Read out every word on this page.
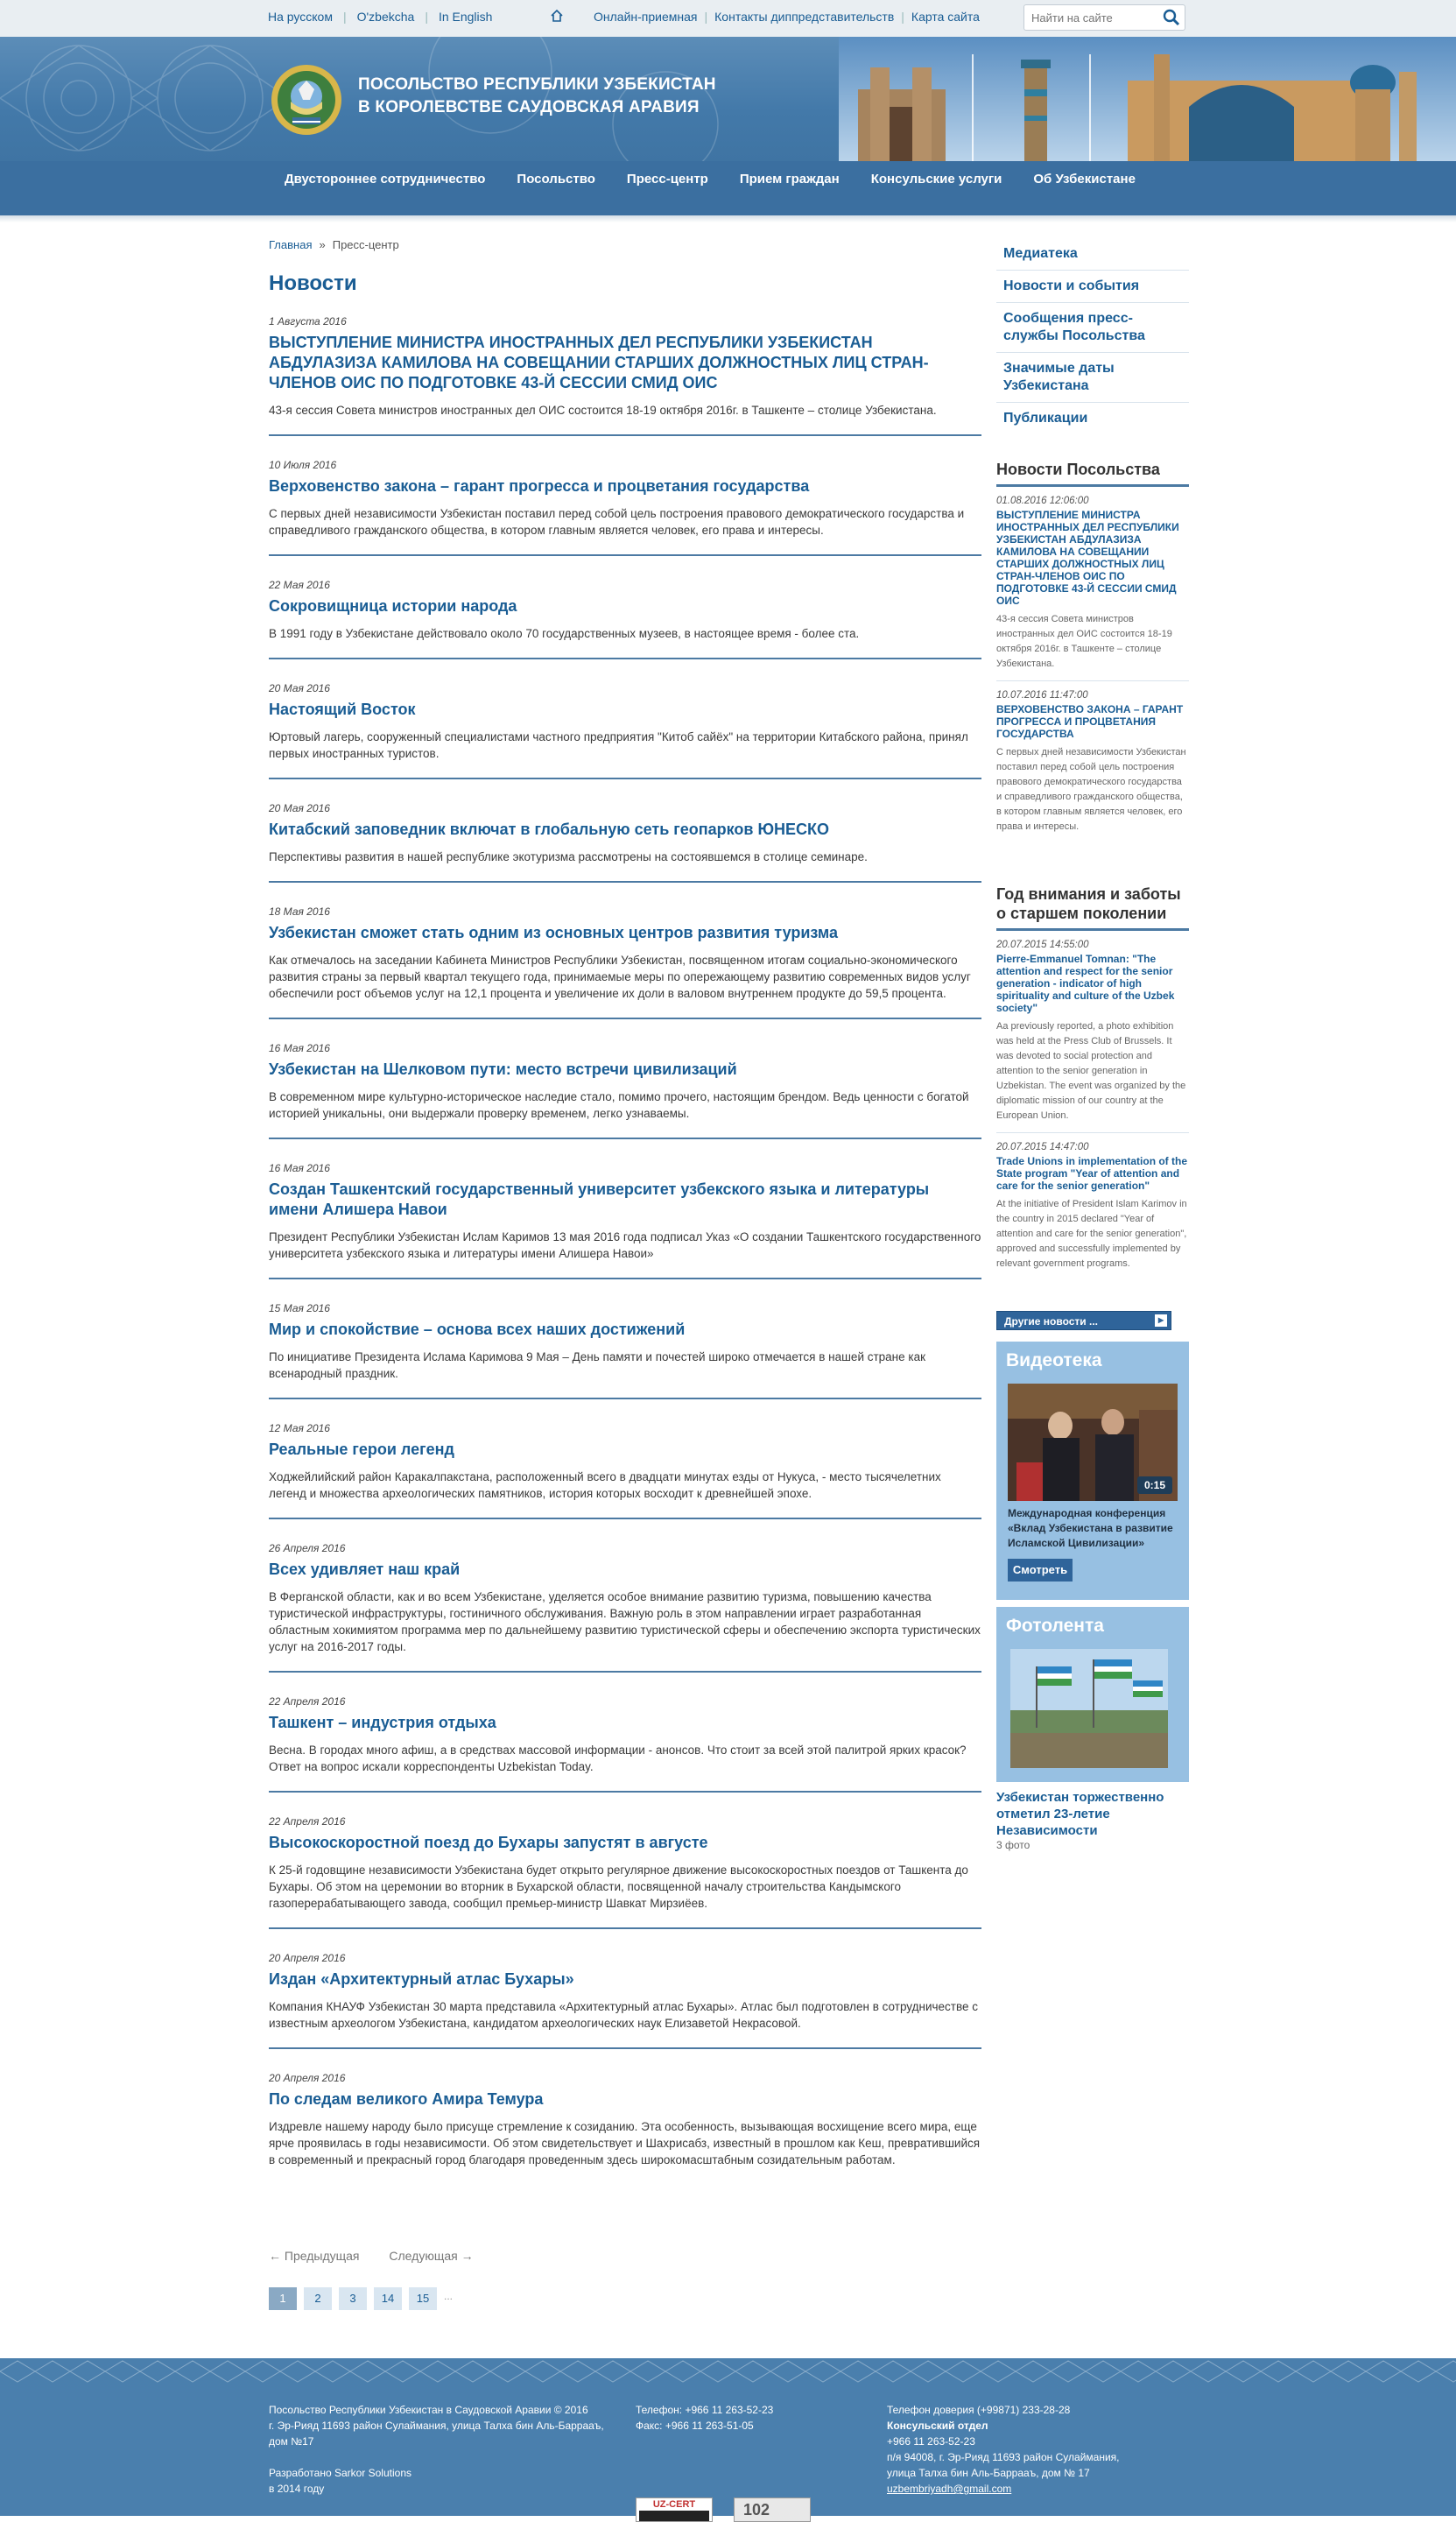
На русском | O'zbekcha | In English	Онлайн-приемная | Контакты диппредставительств | Карта сайта
Найти на сайте
ПОСОЛЬСТВО РЕСПУБЛИКИ УЗБЕКИСТАН
В КОРОЛЕВСТВЕ САУДОВСКАЯ АРАВИЯ
Двустороннее сотрудничество	Посольство	Пресс-центр	Прием граждан	Консульские услуги	Об Узбекистане
Главная » Пресс-центр
Новости
1 Августа 2016
ВЫСТУПЛЕНИЕ МИНИСТРА ИНОСТРАННЫХ ДЕЛ РЕСПУБЛИКИ УЗБЕКИСТАН АБДУЛАЗИЗА КАМИЛОВА НА СОВЕЩАНИИ СТАРШИХ ДОЛЖНОСТНЫХ ЛИЦ СТРАН-ЧЛЕНОВ ОИС ПО ПОДГОТОВКЕ 43-Й СЕССИИ СМИД ОИС
43-я сессия Совета министров иностранных дел ОИС состоится 18-19 октября 2016г. в Ташкенте – столице Узбекистана.
10 Июля 2016
Верховенство закона – гарант прогресса и процветания государства
С первых дней независимости Узбекистан поставил перед собой цель построения правового демократического государства и справедливого гражданского общества, в котором главным является человек, его права и интересы.
22 Мая 2016
Сокровищница истории народа
В 1991 году в Узбекистане действовало около 70 государственных музеев, в настоящее время - более ста.
20 Мая 2016
Настоящий Восток
Юртовый лагерь, сооруженный специалистами частного предприятия "Китоб сайёх" на территории Китабского района, принял первых иностранных туристов.
20 Мая 2016
Китабский заповедник включат в глобальную сеть геопарков ЮНЕСКО
Перспективы развития в нашей республике экотуризма рассмотрены на состоявшемся в столице семинаре.
18 Мая 2016
Узбекистан сможет стать одним из основных центров развития туризма
Как отмечалось на заседании Кабинета Министров Республики Узбекистан, посвященном итогам социально-экономического развития страны за первый квартал текущего года, принимаемые меры по опережающему развитию современных видов услуг обеспечили рост объемов услуг на 12,1 процента и увеличение их доли в валовом внутреннем продукте до 59,5 процента.
16 Мая 2016
Узбекистан на Шелковом пути: место встречи цивилизаций
В современном мире культурно-историческое наследие стало, помимо прочего, настоящим брендом. Ведь ценности с богатой историей уникальны, они выдержали проверку временем, легко узнаваемы.
16 Мая 2016
Создан Ташкентский государственный университет узбекского языка и литературы имени Алишера Навои
Президент Республики Узбекистан Ислам Каримов 13 мая 2016 года подписал Указ «О создании Ташкентского государственного университета узбекского языка и литературы имени Алишера Навои»
15 Мая 2016
Мир и спокойствие – основа всех наших достижений
По инициативе Президента Ислама Каримова 9 Мая – День памяти и почестей широко отмечается в нашей стране как всенародный праздник.
12 Мая 2016
Реальные герои легенд
Ходжейлийский район Каракалпакстана, расположенный всего в двадцати минутах езды от Нукуса, - место тысячелетних легенд и множества археологических памятников, история которых восходит к древнейшей эпохе.
26 Апреля 2016
Всех удивляет наш край
В Ферганской области, как и во всем Узбекистане, уделяется особое внимание развитию туризма, повышению качества туристической инфраструктуры, гостиничного обслуживания. Важную роль в этом направлении играет разработанная областным хокимиятом программа мер по дальнейшему развитию туристической сферы и обеспечению экспорта туристических услуг на 2016-2017 годы.
22 Апреля 2016
Ташкент – индустрия отдыха
Весна. В городах много афиш, а в средствах массовой информации - анонсов. Что стоит за всей этой палитрой ярких красок? Ответ на вопрос искали корреспонденты Uzbekistan Today.
22 Апреля 2016
Высокоскоростной поезд до Бухары запустят в августе
К 25-й годовщине независимости Узбекистана будет открыто регулярное движение высокоскоростных поездов от Ташкента до Бухары. Об этом на церемонии во вторник в Бухарской области, посвященной началу строительства Кандымского газоперерабатывающего завода, сообщил премьер-министр Шавкат Мирзиёев.
20 Апреля 2016
Издан «Архитектурный атлас Бухары»
Компания КНАУФ Узбекистан 30 марта представила «Архитектурный атлас Бухары». Атлас был подготовлен в сотрудничестве с известным археологом Узбекистана, кандидатом археологических наук Елизаветой Некрасовой.
20 Апреля 2016
По следам великого Амира Темура
Издревле нашему народу было присуще стремление к созиданию. Эта особенность, вызывающая восхищение всего мира, еще ярче проявилась в годы независимости. Об этом свидетельствует и Шахрисабз, известный в прошлом как Кеш, превратившийся в современный и прекрасный город благодаря проведенным здесь широкомасштабным созидательным работам.
← Предыдущая Следующая →
1	2	3	14	15	...
Медиатека
Новости и события
Сообщения пресс-службы Посольства
Значимые даты Узбекистана
Публикации
Новости Посольства
01.08.2016 12:06:00
ВЫСТУПЛЕНИЕ МИНИСТРА ИНОСТРАННЫХ ДЕЛ РЕСПУБЛИКИ УЗБЕКИСТАН АБДУЛАЗИЗА КАМИЛОВА НА СОВЕЩАНИИ СТАРШИХ ДОЛЖНОСТНЫХ ЛИЦ СТРАН-ЧЛЕНОВ ОИС ПО ПОДГОТОВКЕ 43-Й СЕССИИ СМИД ОИС
43-я сессия Совета министров иностранных дел ОИС состоится 18-19 октября 2016г. в Ташкенте – столице Узбекистана.
10.07.2016 11:47:00
ВЕРХОВЕНСТВО ЗАКОНА – ГАРАНТ ПРОГРЕССА И ПРОЦВЕТАНИЯ ГОСУДАРСТВА
С первых дней независимости Узбекистан поставил перед собой цель построения правового демократического государства и справедливого гражданского общества, в котором главным является человек, его права и интересы.
Год внимания и заботы о старшем поколении
20.07.2015 14:55:00
Pierre-Emmanuel Tomnan: "The attention and respect for the senior generation - indicator of high spirituality and culture of the Uzbek society"
Aa previously reported, a photo exhibition was held at the Press Club of Brussels. It was devoted to social protection and attention to the senior generation in Uzbekistan. The event was organized by the diplomatic mission of our country at the European Union.
20.07.2015 14:47:00
Trade Unions in implementation of the State program "Year of attention and care for the senior generation"
At the initiative of President Islam Karimov in the country in 2015 declared "Year of attention and care for the senior generation", approved and successfully implemented by relevant government programs.
Другие новости ...	▸
Видеотека
0:15
Международная конференция «Вклад Узбекистана в развитие Исламской Цивилизации»
Смотреть
Фотолента
Узбекистан торжественно отметил 23-летие Независимости
3 фото
Посольство Республики Узбекистан в Саудовской Аравии © 2016
г. Эр-Рияд 11693 район Сулаймания, улица Талха бин Аль-Баррааъ, дом №17
Разработано Sarkor Solutions
в 2014 году
Телефон: +966 11 263-52-23
Факс: +966 11 263-51-05
Телефон доверия (+99871) 233-28-28
Консульский отдел
+966 11 263-52-23
п/я 94008, г. Эр-Рияд 11693 район Сулаймания,
улица Талха бин Аль-Баррааъ, дом № 17
uzbembriyadh@gmail.com
UZ-CERT	102
